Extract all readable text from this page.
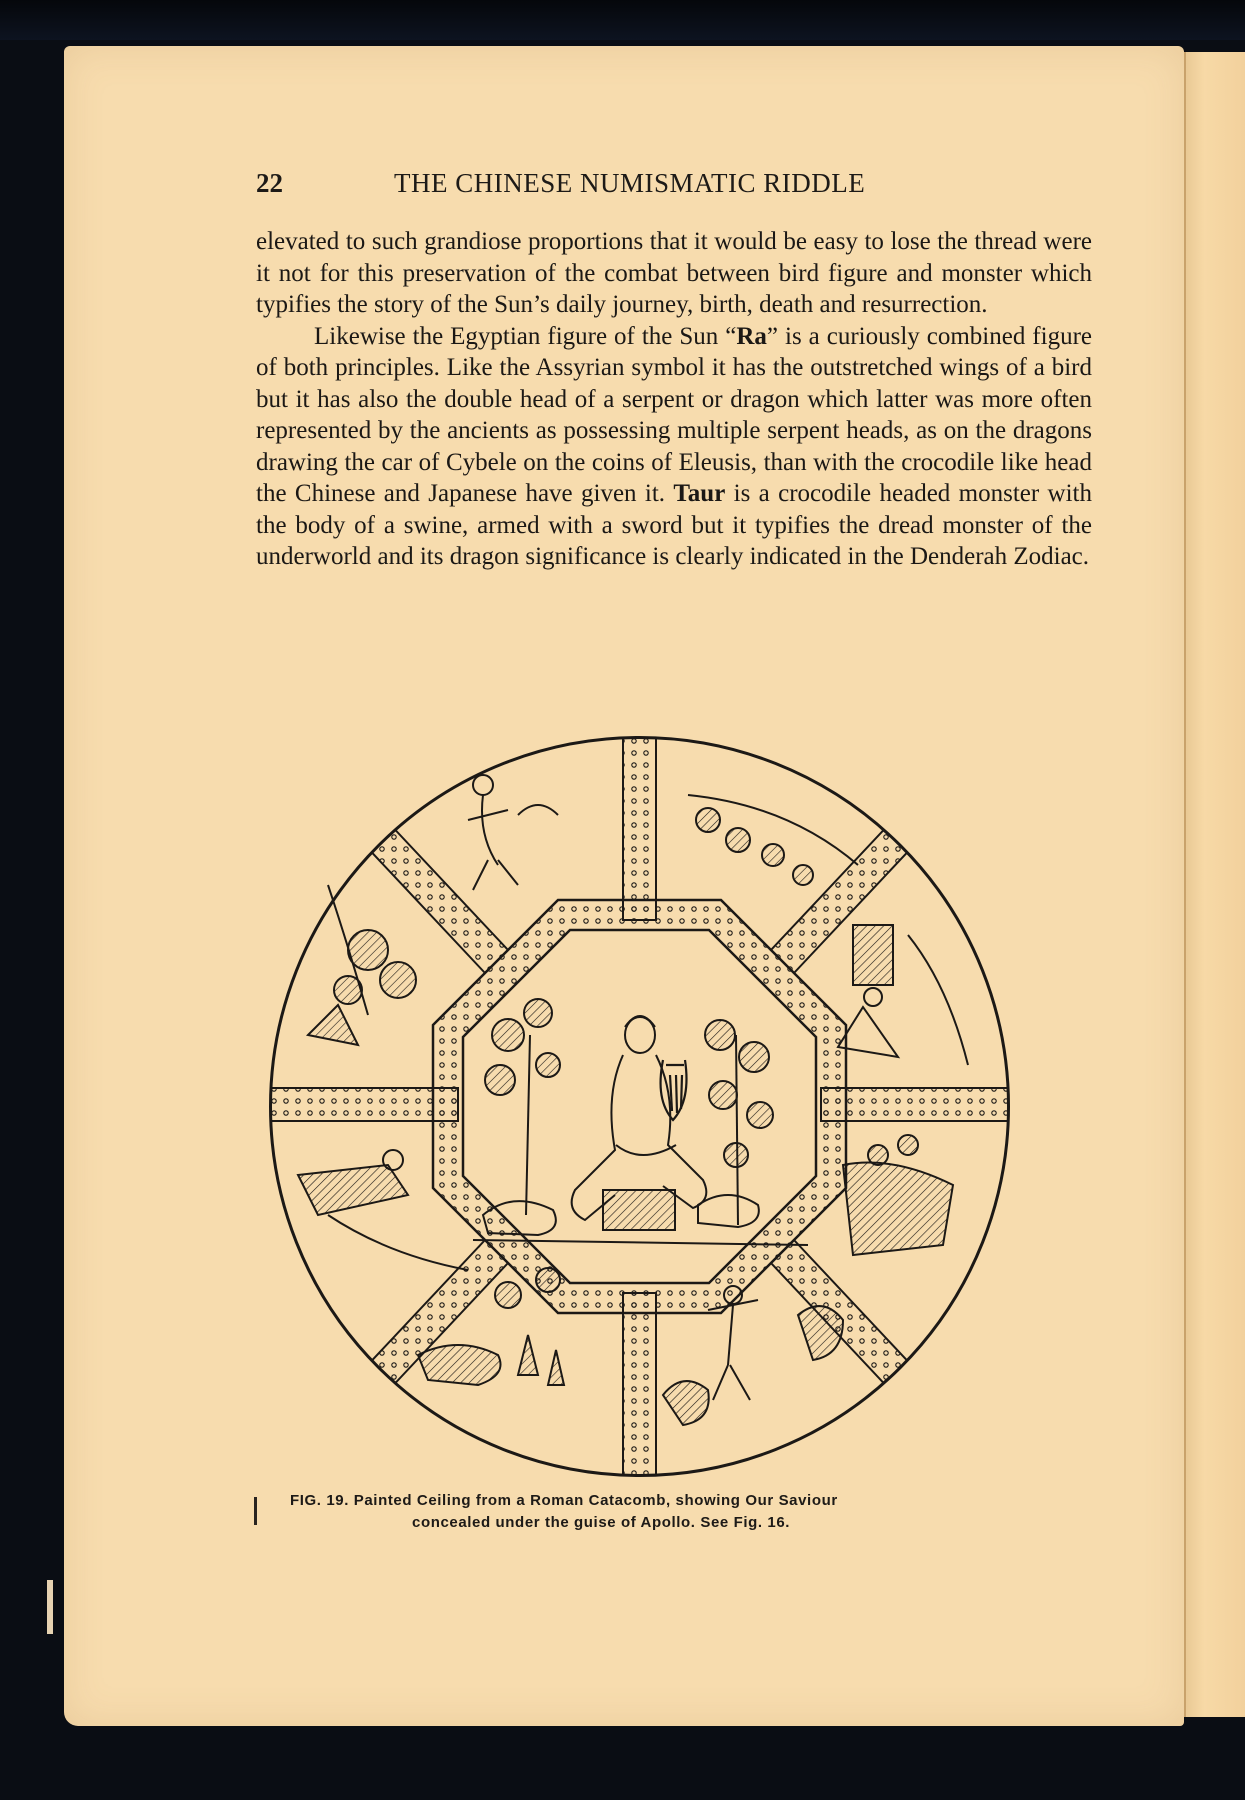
22	THE CHINESE NUMISMATIC RIDDLE

elevated to such grandiose proportions that it would be easy to lose the thread were it not for this preservation of the combat between bird figure and monster which typifies the story of the Sun’s daily journey, birth, death and resurrection.

Likewise the Egyptian figure of the Sun “Ra” is a curiously combined figure of both principles. Like the Assyrian symbol it has the outstretched wings of a bird but it has also the double head of a serpent or dragon which latter was more often represented by the ancients as possessing multiple serpent heads, as on the dragons drawing the car of Cybele on the coins of Eleusis, than with the crocodile like head the Chinese and Japanese have given it. Taur is a crocodile headed monster with the body of a swine, armed with a sword but it typifies the dread monster of the underworld and its dragon significance is clearly indicated in the Denderah Zodiac.

FIG. 19. Painted Ceiling from a Roman Catacomb, showing Our Saviour
concealed under the guise of Apollo. See Fig. 16.
